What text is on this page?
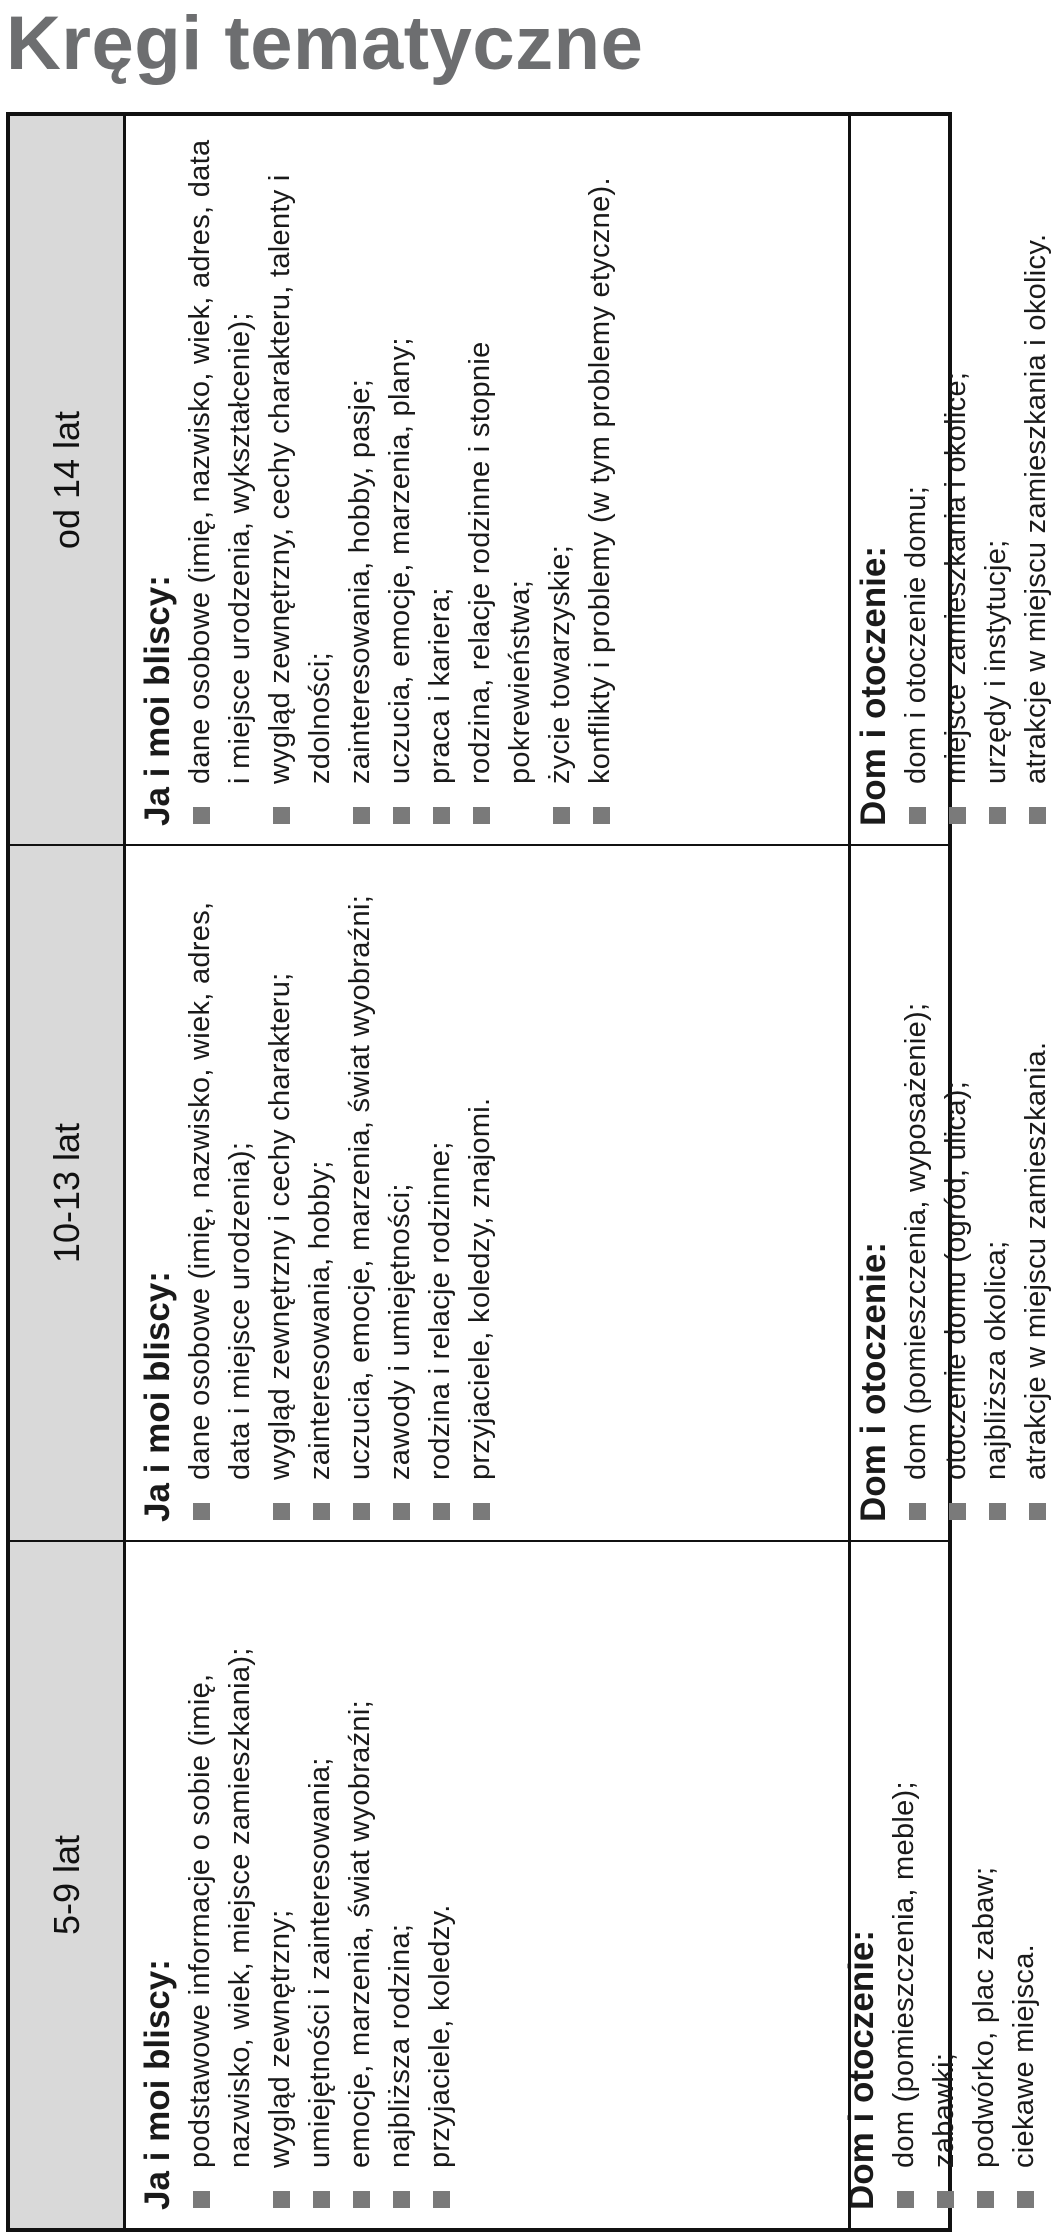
Kręgi tematyczne
5-9 lat
10-13 lat
od 14 lat
Ja i moi bliscy: podstawowe informacje o sobie (imię, nazwisko, wiek, miejsce zamieszkania); wygląd zewnętrzny; umiejętności i zainteresowania; emocje, marzenia, świat wyobraźni; najbliższa rodzina; przyjaciele, koledzy.	Dom i otoczenie: dom (pomieszczenia, meble); zabawki; podwórko, plac zabaw; ciekawe miejsca.
Ja i moi bliscy: dane osobowe (imię, nazwisko, wiek, adres, data i miejsce urodzenia); wygląd zewnętrzny i cechy charakteru; zainteresowania, hobby; uczucia, emocje, marzenia, świat wyobraźni; zawody i umiejętności; rodzina i relacje rodzinne; przyjaciele, koledzy, znajomi.	Dom i otoczenie: dom (pomieszczenia, wyposażenie); otoczenie domu (ogród, ulica); najbliższa okolica; atrakcje w miejscu zamieszkania.
Ja i moi bliscy: dane osobowe (imię, nazwisko, wiek, adres, data i miejsce urodzenia, wykształcenie); wygląd zewnętrzny, cechy charakteru, talenty i zdolności; zainteresowania, hobby, pasje; uczucia, emocje, marzenia, plany; praca i kariera; rodzina, relacje rodzinne i stopnie pokrewieństwa; życie towarzyskie; konflikty i problemy (w tym problemy etyczne).	Dom i otoczenie: dom i otoczenie domu; miejsce zamieszkania i okolice; urzędy i instytucje; atrakcje w miejscu zamieszkania i okolicy.
